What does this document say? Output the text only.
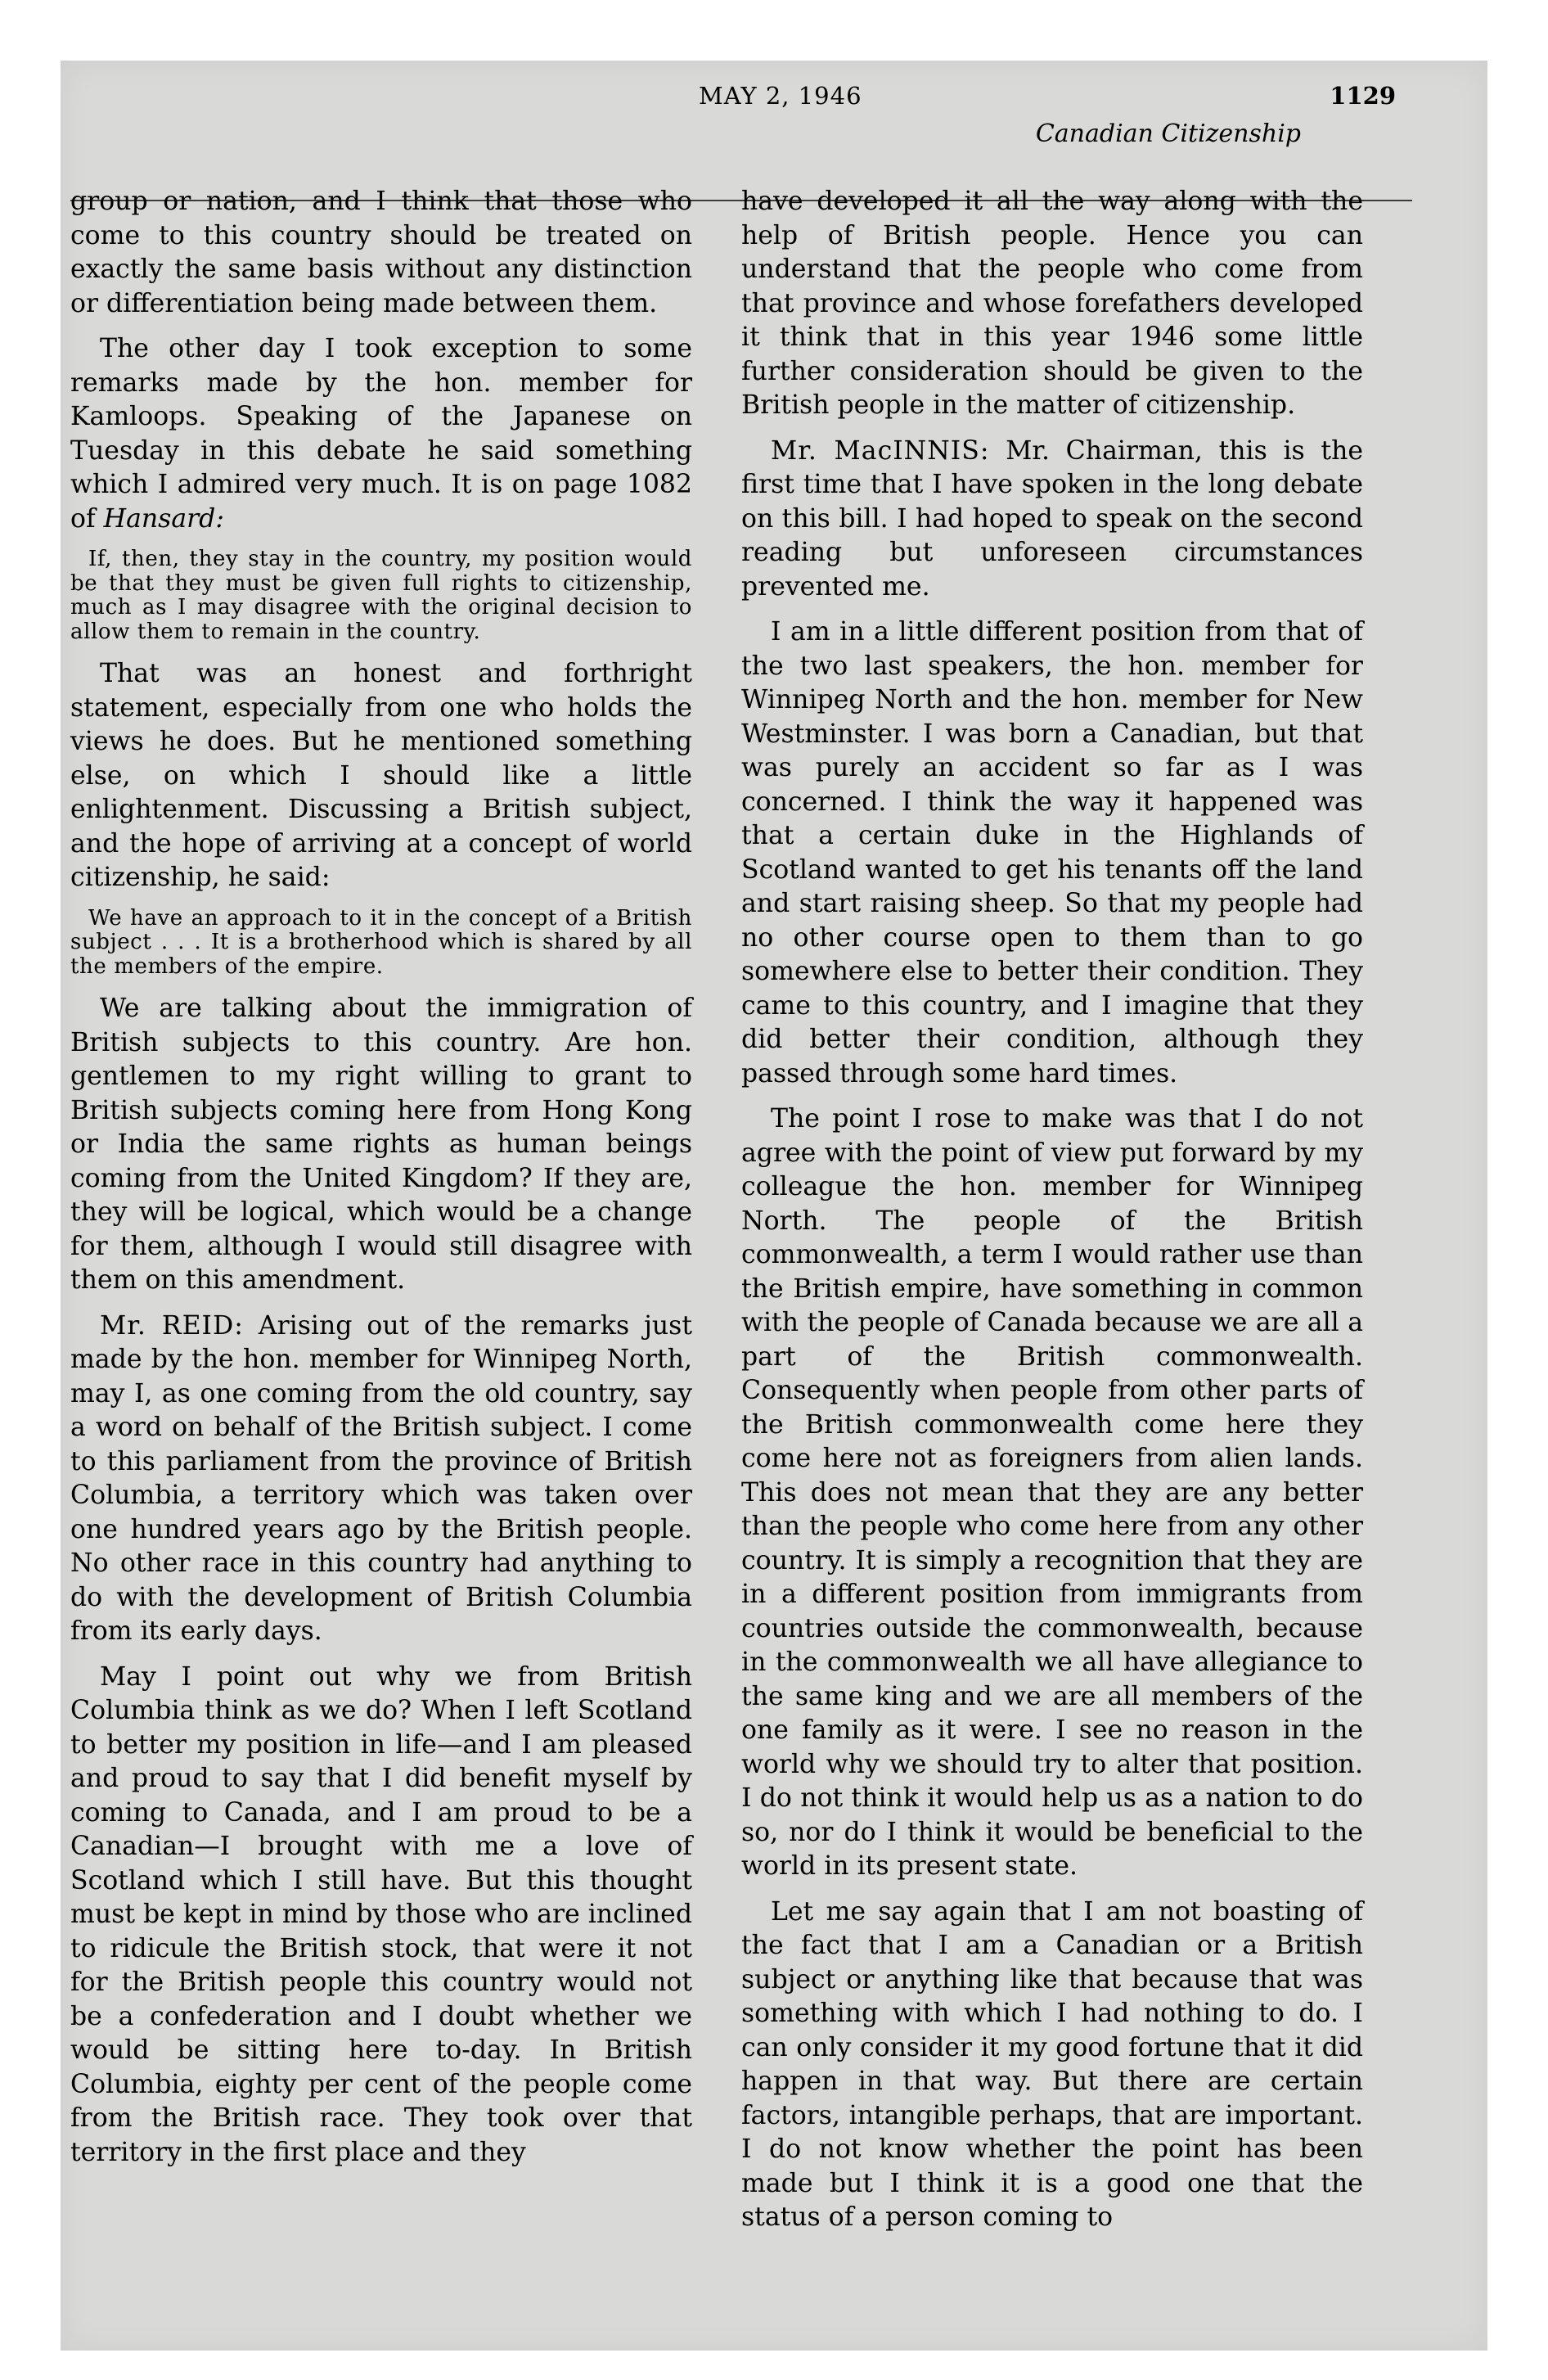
MAY 2, 1946	1129
Canadian Citizenship

group or nation, and I think that those who come to this country should be treated on exactly the same basis without any distinction or differentiation being made between them.

The other day I took exception to some remarks made by the hon. member for Kamloops. Speaking of the Japanese on Tuesday in this debate he said something which I admired very much. It is on page 1082 of Hansard:

If, then, they stay in the country, my position would be that they must be given full rights to citizenship, much as I may disagree with the original decision to allow them to remain in the country.

That was an honest and forthright statement, especially from one who holds the views he does. But he mentioned something else, on which I should like a little enlightenment. Discussing a British subject, and the hope of arriving at a concept of world citizenship, he said:

We have an approach to it in the concept of a British subject . . . It is a brotherhood which is shared by all the members of the empire.

We are talking about the immigration of British subjects to this country. Are hon. gentlemen to my right willing to grant to British subjects coming here from Hong Kong or India the same rights as human beings coming from the United Kingdom? If they are, they will be logical, which would be a change for them, although I would still disagree with them on this amendment.

Mr. REID: Arising out of the remarks just made by the hon. member for Winnipeg North, may I, as one coming from the old country, say a word on behalf of the British subject. I come to this parliament from the province of British Columbia, a territory which was taken over one hundred years ago by the British people. No other race in this country had anything to do with the development of British Columbia from its early days.

May I point out why we from British Columbia think as we do? When I left Scotland to better my position in life—and I am pleased and proud to say that I did benefit myself by coming to Canada, and I am proud to be a Canadian—I brought with me a love of Scotland which I still have. But this thought must be kept in mind by those who are inclined to ridicule the British stock, that were it not for the British people this country would not be a confederation and I doubt whether we would be sitting here to-day. In British Columbia, eighty per cent of the people come from the British race. They took over that territory in the first place and they

have developed it all the way along with the help of British people. Hence you can understand that the people who come from that province and whose forefathers developed it think that in this year 1946 some little further consideration should be given to the British people in the matter of citizenship.

Mr. MacINNIS: Mr. Chairman, this is the first time that I have spoken in the long debate on this bill. I had hoped to speak on the second reading but unforeseen circumstances prevented me.

I am in a little different position from that of the two last speakers, the hon. member for Winnipeg North and the hon. member for New Westminster. I was born a Canadian, but that was purely an accident so far as I was concerned. I think the way it happened was that a certain duke in the Highlands of Scotland wanted to get his tenants off the land and start raising sheep. So that my people had no other course open to them than to go somewhere else to better their condition. They came to this country, and I imagine that they did better their condition, although they passed through some hard times.

The point I rose to make was that I do not agree with the point of view put forward by my colleague the hon. member for Winnipeg North. The people of the British commonwealth, a term I would rather use than the British empire, have something in common with the people of Canada because we are all a part of the British commonwealth. Consequently when people from other parts of the British commonwealth come here they come here not as foreigners from alien lands. This does not mean that they are any better than the people who come here from any other country. It is simply a recognition that they are in a different position from immigrants from countries outside the commonwealth, because in the commonwealth we all have allegiance to the same king and we are all members of the one family as it were. I see no reason in the world why we should try to alter that position. I do not think it would help us as a nation to do so, nor do I think it would be beneficial to the world in its present state.

Let me say again that I am not boasting of the fact that I am a Canadian or a British subject or anything like that because that was something with which I had nothing to do. I can only consider it my good fortune that it did happen in that way. But there are certain factors, intangible perhaps, that are important. I do not know whether the point has been made but I think it is a good one that the status of a person coming to
